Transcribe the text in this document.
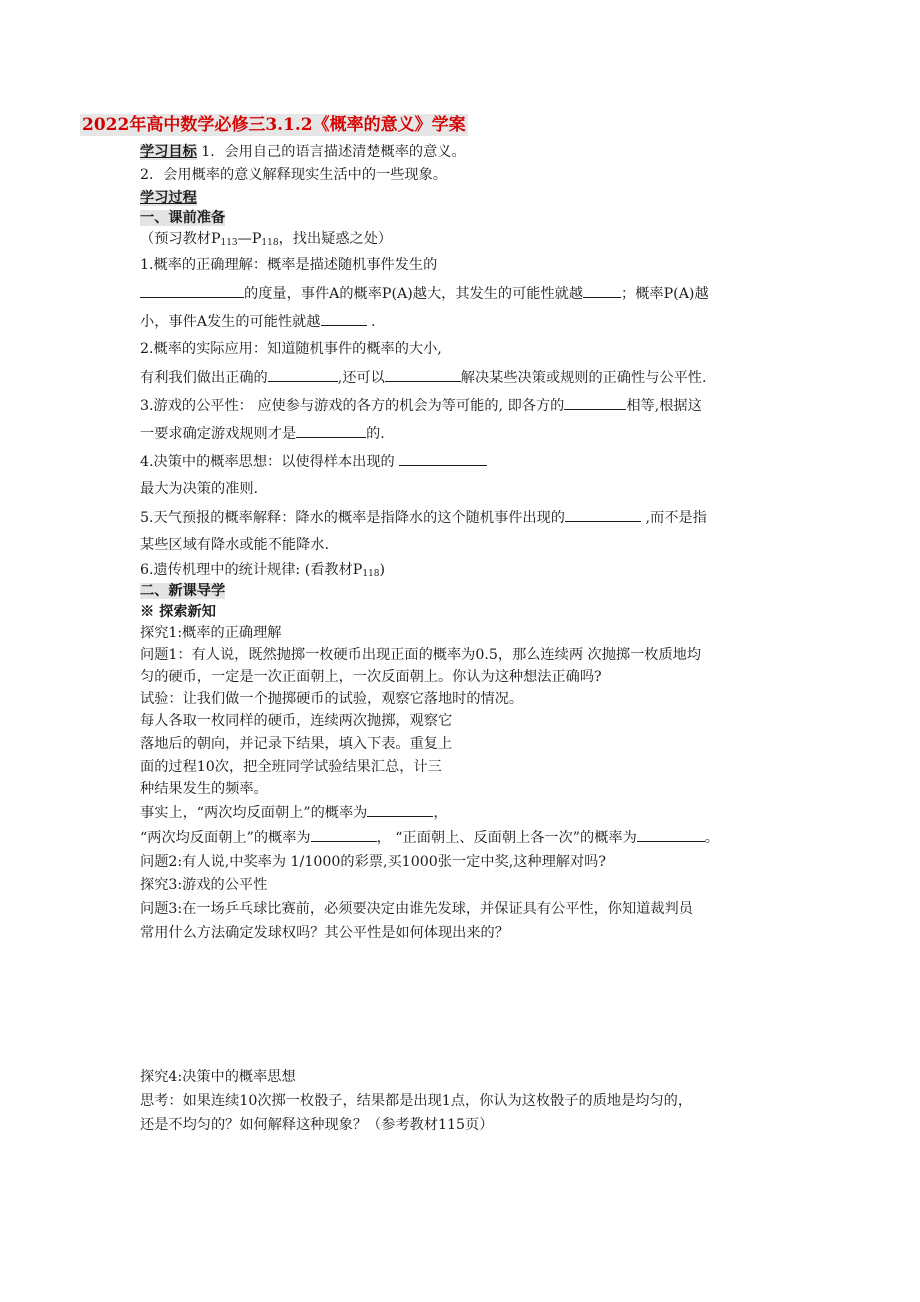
2022年高中数学必修三3.1.2《概率的意义》学案
学习目标 1．会用自己的语言描述清楚概率的意义。
2．会用概率的意义解释现实生活中的一些现象。
学习过程
一、课前准备
（预习教材$P_{113}—P_{118}$，找出疑惑之处）
1.概率的正确理解：概率是描述随机事件发生的
的度量，事件A的概率P(A)越大，其发生的可能性就越	；概率P(A)越
小，事件A发生的可能性就越	.
2.概率的实际应用：知道随机事件的概率的大小,
有利我们做出正确的	,还可以	解决某些决策或规则的正确性与公平性.
3.游戏的公平性： 应使参与游戏的各方的机会为等可能的, 即各方的	相等,根据这
一要求确定游戏规则才是	的.
4.决策中的概率思想：以使得样本出现的
最大为决策的准则.
5.天气预报的概率解释：降水的概率是指降水的这个随机事件出现的	,而不是指
某些区域有降水或能不能降水.
6.遗传机理中的统计规律: (看教材$P_{118}$)
二、新课导学
※ 探索新知
探究1:概率的正确理解
问题1：有人说，既然抛掷一枚硬币出现正面的概率为0.5，那么连续两 次抛掷一枚质地均
匀的硬币，一定是一次正面朝上，一次反面朝上。你认为这种想法正确吗?
试验：让我们做一个抛掷硬币的试验，观察它落地时的情况。
每人各取一枚同样的硬币，连续两次抛掷，观察它
落地后的朝向，并记录下结果，填入下表。重复上
面的过程10次，把全班同学试验结果汇总，计三
种结果发生的频率。
事实上，“两次均反面朝上”的概率为	，
“两次均反面朝上”的概率为	， “正面朝上、反面朝上各一次”的概率为	。
问题2:有人说,中奖率为 1/1000的彩票,买1000张一定中奖,这种理解对吗?
探究3:游戏的公平性
问题3:在一场乒乓球比赛前，必须要决定由谁先发球，并保证具有公平性，你知道裁判员
常用什么方法确定发球权吗？其公平性是如何体现出来的？
探究4:决策中的概率思想
思考：如果连续10次掷一枚骰子，结果都是出现1点，你认为这枚骰子的质地是均匀的，
还是不均匀的？如何解释这种现象？（参考教材115页）
